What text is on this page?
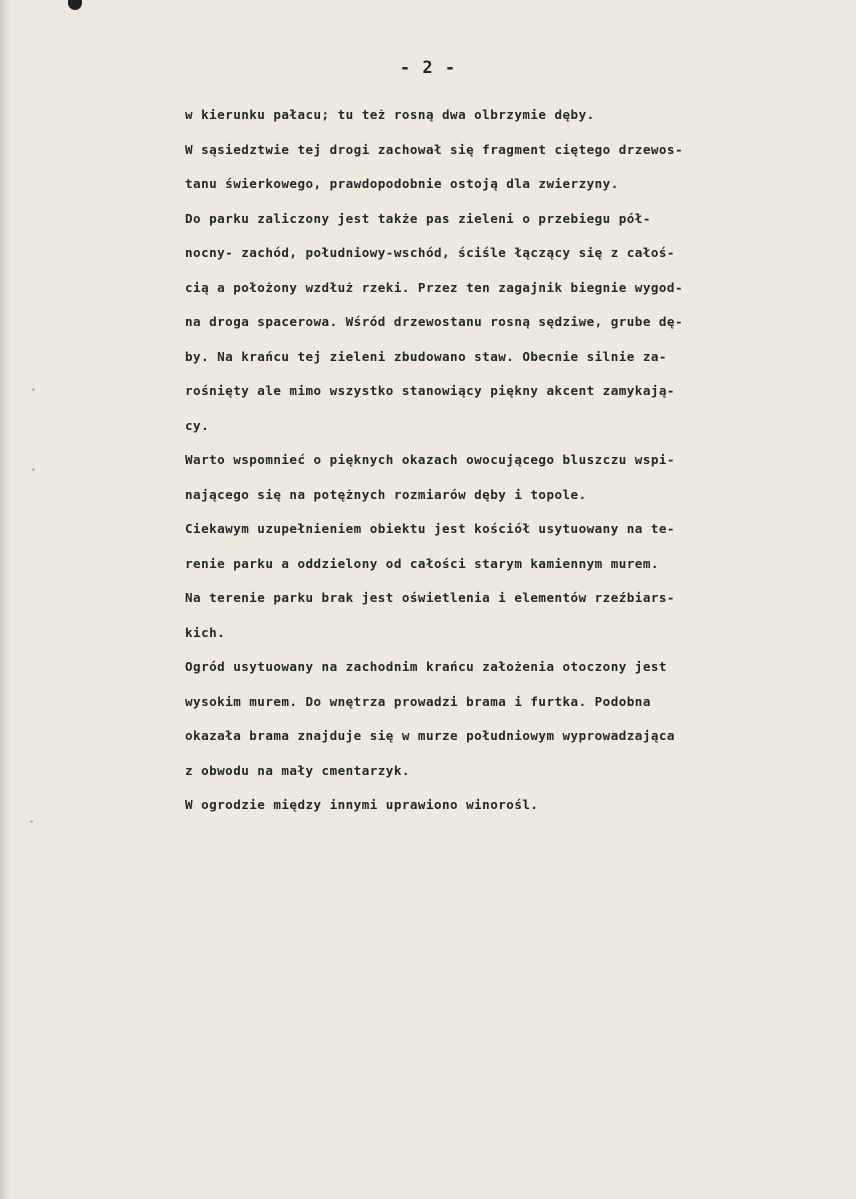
- 2 -
w kierunku pałacu; tu też rosną dwa olbrzymie dęby.
W sąsiedztwie tej drogi zachował się fragment ciętego drzewos-
tanu świerkowego, prawdopodobnie ostoją dla zwierzyny.
Do parku zaliczony jest także pas zieleni o przebiegu pół-
nocny- zachód, południowy-wschód, ściśle łączący się z całoś-
cią a położony wzdłuż rzeki. Przez ten zagajnik biegnie wygod-
na droga spacerowa. Wśród drzewostanu rosną sędziwe, grube dę-
by. Na krańcu tej zieleni zbudowano staw. Obecnie silnie za-
rośnięty ale mimo wszystko stanowiący piękny akcent zamykają-
cy.
Warto wspomnieć o pięknych okazach owocującego bluszczu wspi-
nającego się na potężnych rozmiarów dęby i topole.
Ciekawym uzupełnieniem obiektu jest kościół usytuowany na te-
renie parku a oddzielony od całości starym kamiennym murem.
Na terenie parku brak jest oświetlenia i elementów rzeźbiars-
kich.
Ogród usytuowany na zachodnim krańcu założenia otoczony jest
wysokim murem. Do wnętrza prowadzi brama i furtka. Podobna
okazała brama znajduje się w murze południowym wyprowadzająca
z obwodu na mały cmentarzyk.
W ogrodzie między innymi uprawiono winorośl.
